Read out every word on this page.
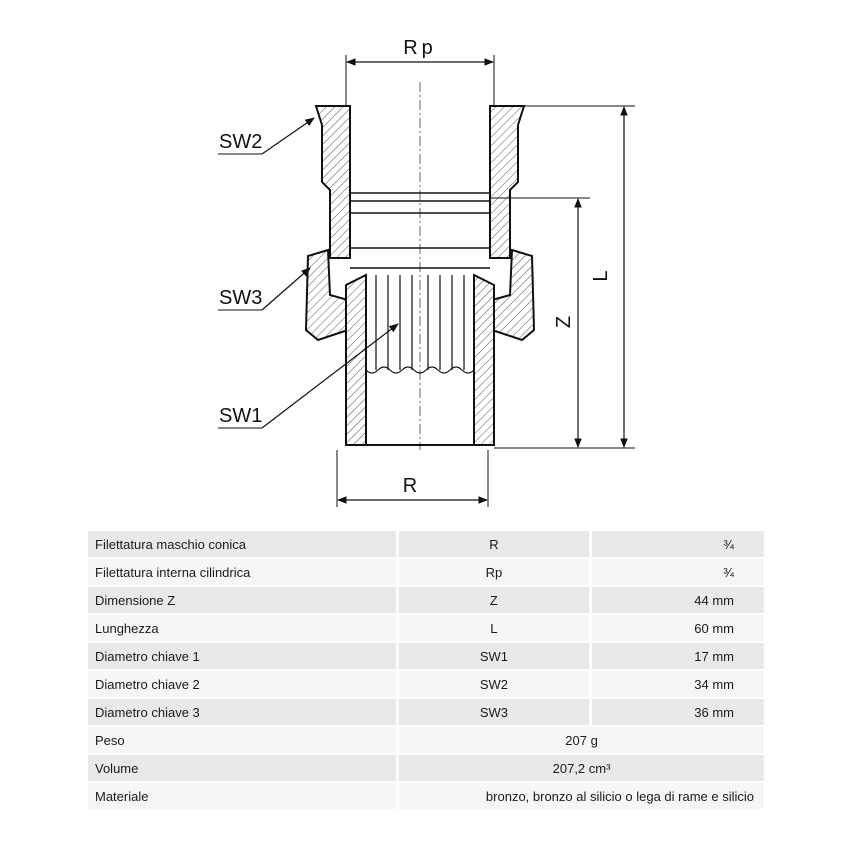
Rp
R
L
Z
SW2
SW3
SW1
Filettatura maschio conica	R	¾
Filettatura interna cilindrica	Rp	¾
Dimensione Z	Z	44 mm
Lunghezza	L	60 mm
Diametro chiave 1	SW1	17 mm
Diametro chiave 2	SW2	34 mm
Diametro chiave 3	SW3	36 mm
Peso	207 g	
Volume	207,2 cm³	
Materiale	bronzo, bronzo al silicio o lega di rame e silicio	
